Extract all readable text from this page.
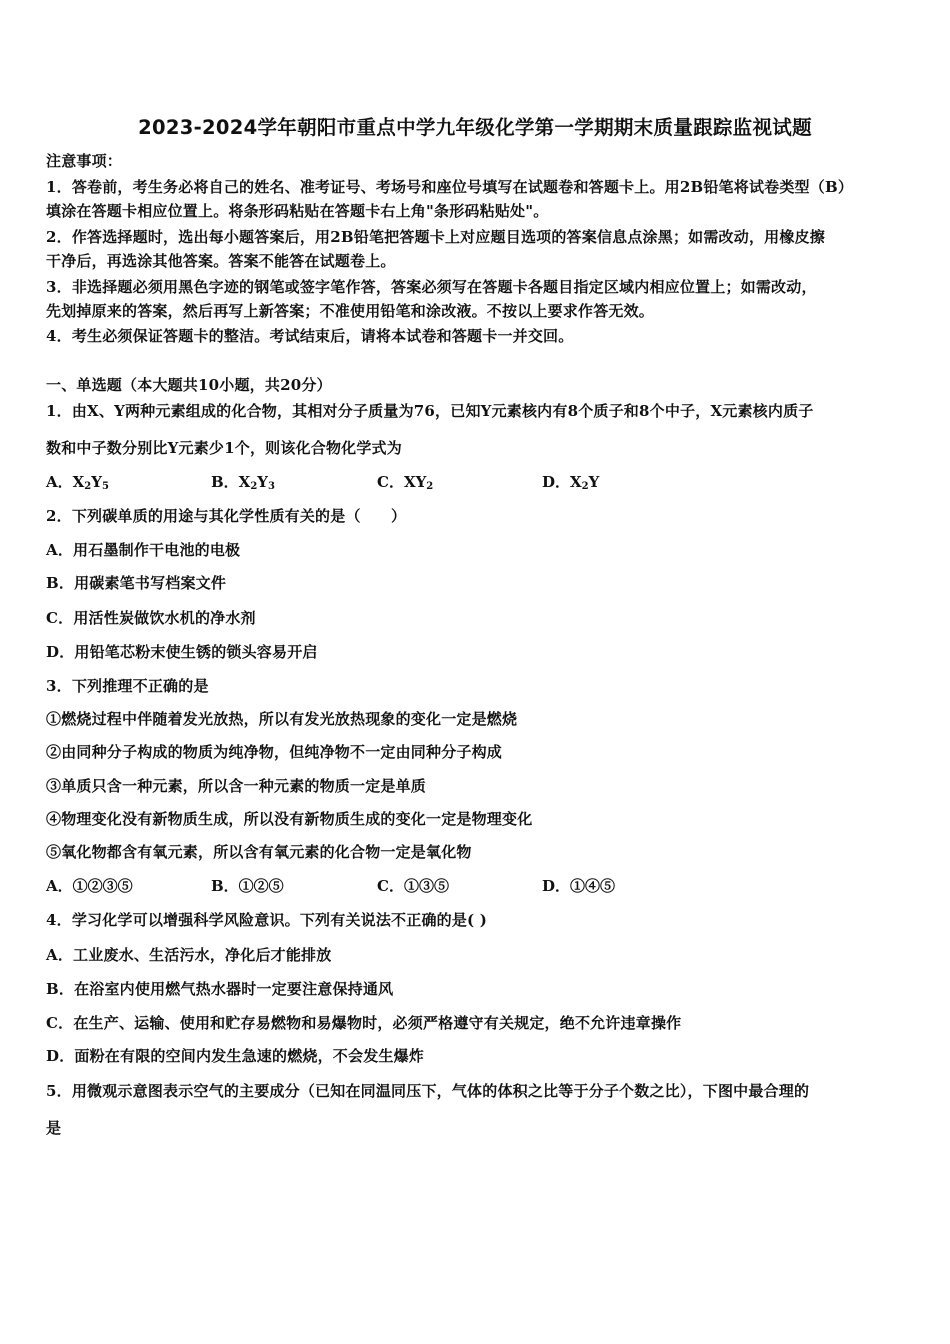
2023-2024学年朝阳市重点中学九年级化学第一学期期末质量跟踪监视试题
注意事项：
1．答卷前，考生务必将自己的姓名、准考证号、考场号和座位号填写在试题卷和答题卡上。用2B铅笔将试卷类型（B）
填涂在答题卡相应位置上。将条形码粘贴在答题卡右上角"条形码粘贴处"。
2．作答选择题时，选出每小题答案后，用2B铅笔把答题卡上对应题目选项的答案信息点涂黑；如需改动，用橡皮擦
干净后，再选涂其他答案。答案不能答在试题卷上。
3．非选择题必须用黑色字迹的钢笔或签字笔作答，答案必须写在答题卡各题目指定区域内相应位置上；如需改动，
先划掉原来的答案，然后再写上新答案；不准使用铅笔和涂改液。不按以上要求作答无效。
4．考生必须保证答题卡的整洁。考试结束后，请将本试卷和答题卡一并交回。
一、单选题（本大题共10小题，共20分）
1．由X、Y两种元素组成的化合物，其相对分子质量为76，已知Y元素核内有8个质子和8个中子，X元素核内质子
数和中子数分别比Y元素少1个，则该化合物化学式为
A．$X_2Y_5$	B．$X_2Y_3$	C．$XY_2$	D．$X_2Y$
2．下列碳单质的用途与其化学性质有关的是（　　）
A．用石墨制作干电池的电极
B．用碳素笔书写档案文件
C．用活性炭做饮水机的净水剂
D．用铅笔芯粉末使生锈的锁头容易开启
3．下列推理不正确的是
①燃烧过程中伴随着发光放热，所以有发光放热现象的变化一定是燃烧
②由同种分子构成的物质为纯净物，但纯净物不一定由同种分子构成
③单质只含一种元素，所以含一种元素的物质一定是单质
④物理变化没有新物质生成，所以没有新物质生成的变化一定是物理变化
⑤氧化物都含有氧元素，所以含有氧元素的化合物一定是氧化物
A．①②③⑤	B．①②⑤	C．①③⑤	D．①④⑤
4．学习化学可以增强科学风险意识。下列有关说法不正确的是( )
A．工业废水、生活污水，净化后才能排放
B．在浴室内使用燃气热水器时一定要注意保持通风
C．在生产、运输、使用和贮存易燃物和易爆物时，必须严格遵守有关规定，绝不允许违章操作
D．面粉在有限的空间内发生急速的燃烧，不会发生爆炸
5．用微观示意图表示空气的主要成分（已知在同温同压下，气体的体积之比等于分子个数之比），下图中最合理的
是
